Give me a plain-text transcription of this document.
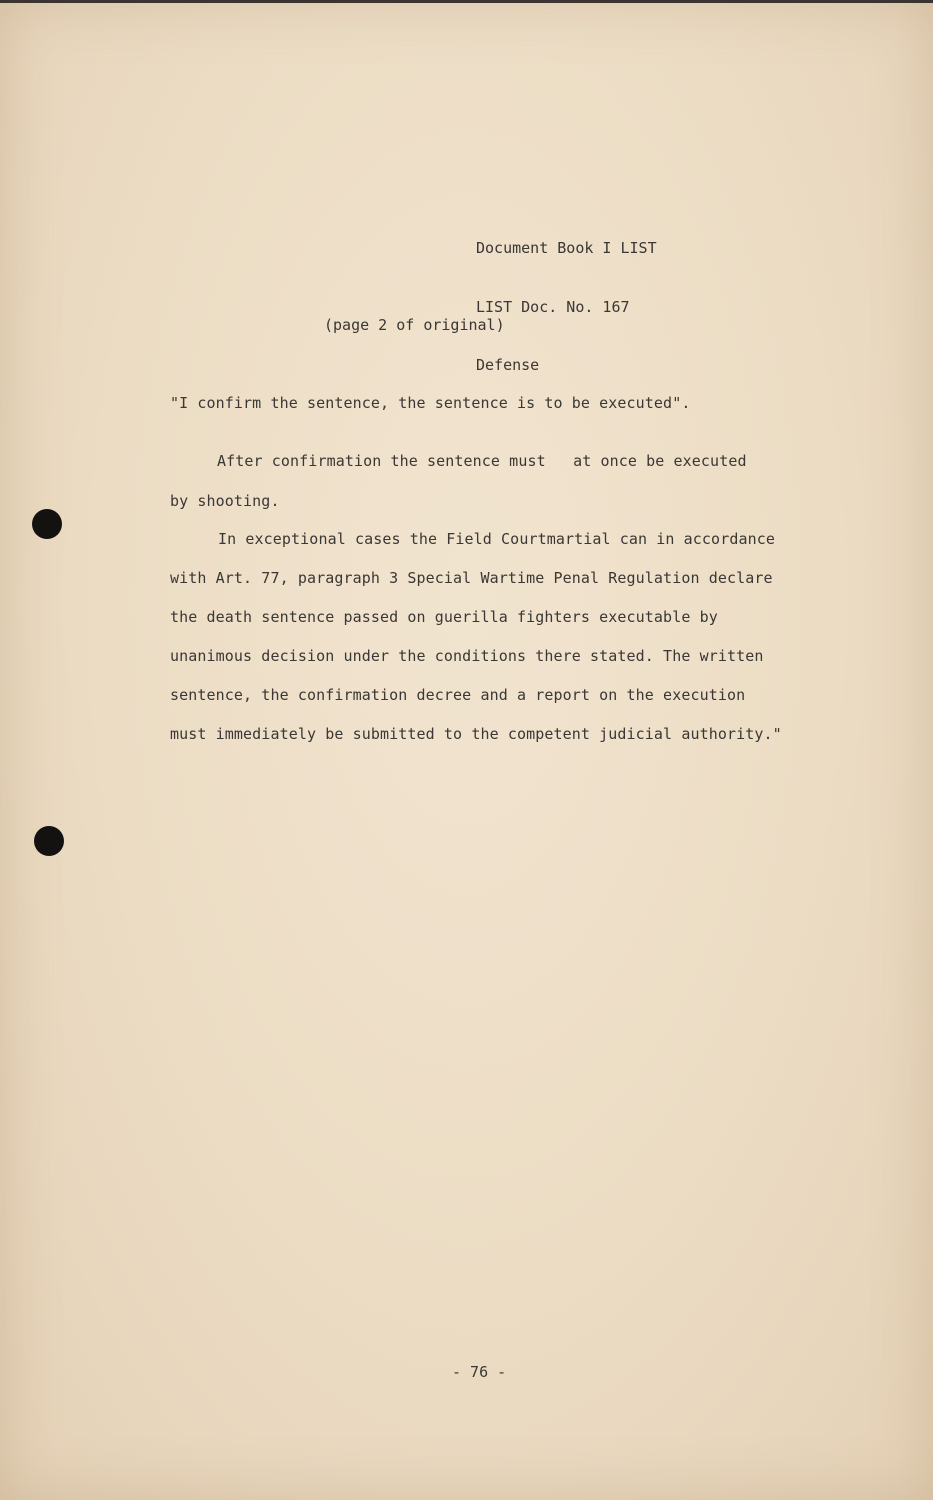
Document Book I LIST

LIST Doc. No. 167

Defense

(page 2 of original)
"I confirm the sentence, the sentence is to be executed".

After confirmation the sentence must   at once be executed

by shooting.

In exceptional cases the Field Courtmartial can in accordance

with Art. 77, paragraph 3 Special Wartime Penal Regulation declare

the death sentence passed on guerilla fighters executable by

unanimous decision under the conditions there stated. The written

sentence, the confirmation decree and a report on the execution

must immediately be submitted to the competent judicial authority."

- 76 -
